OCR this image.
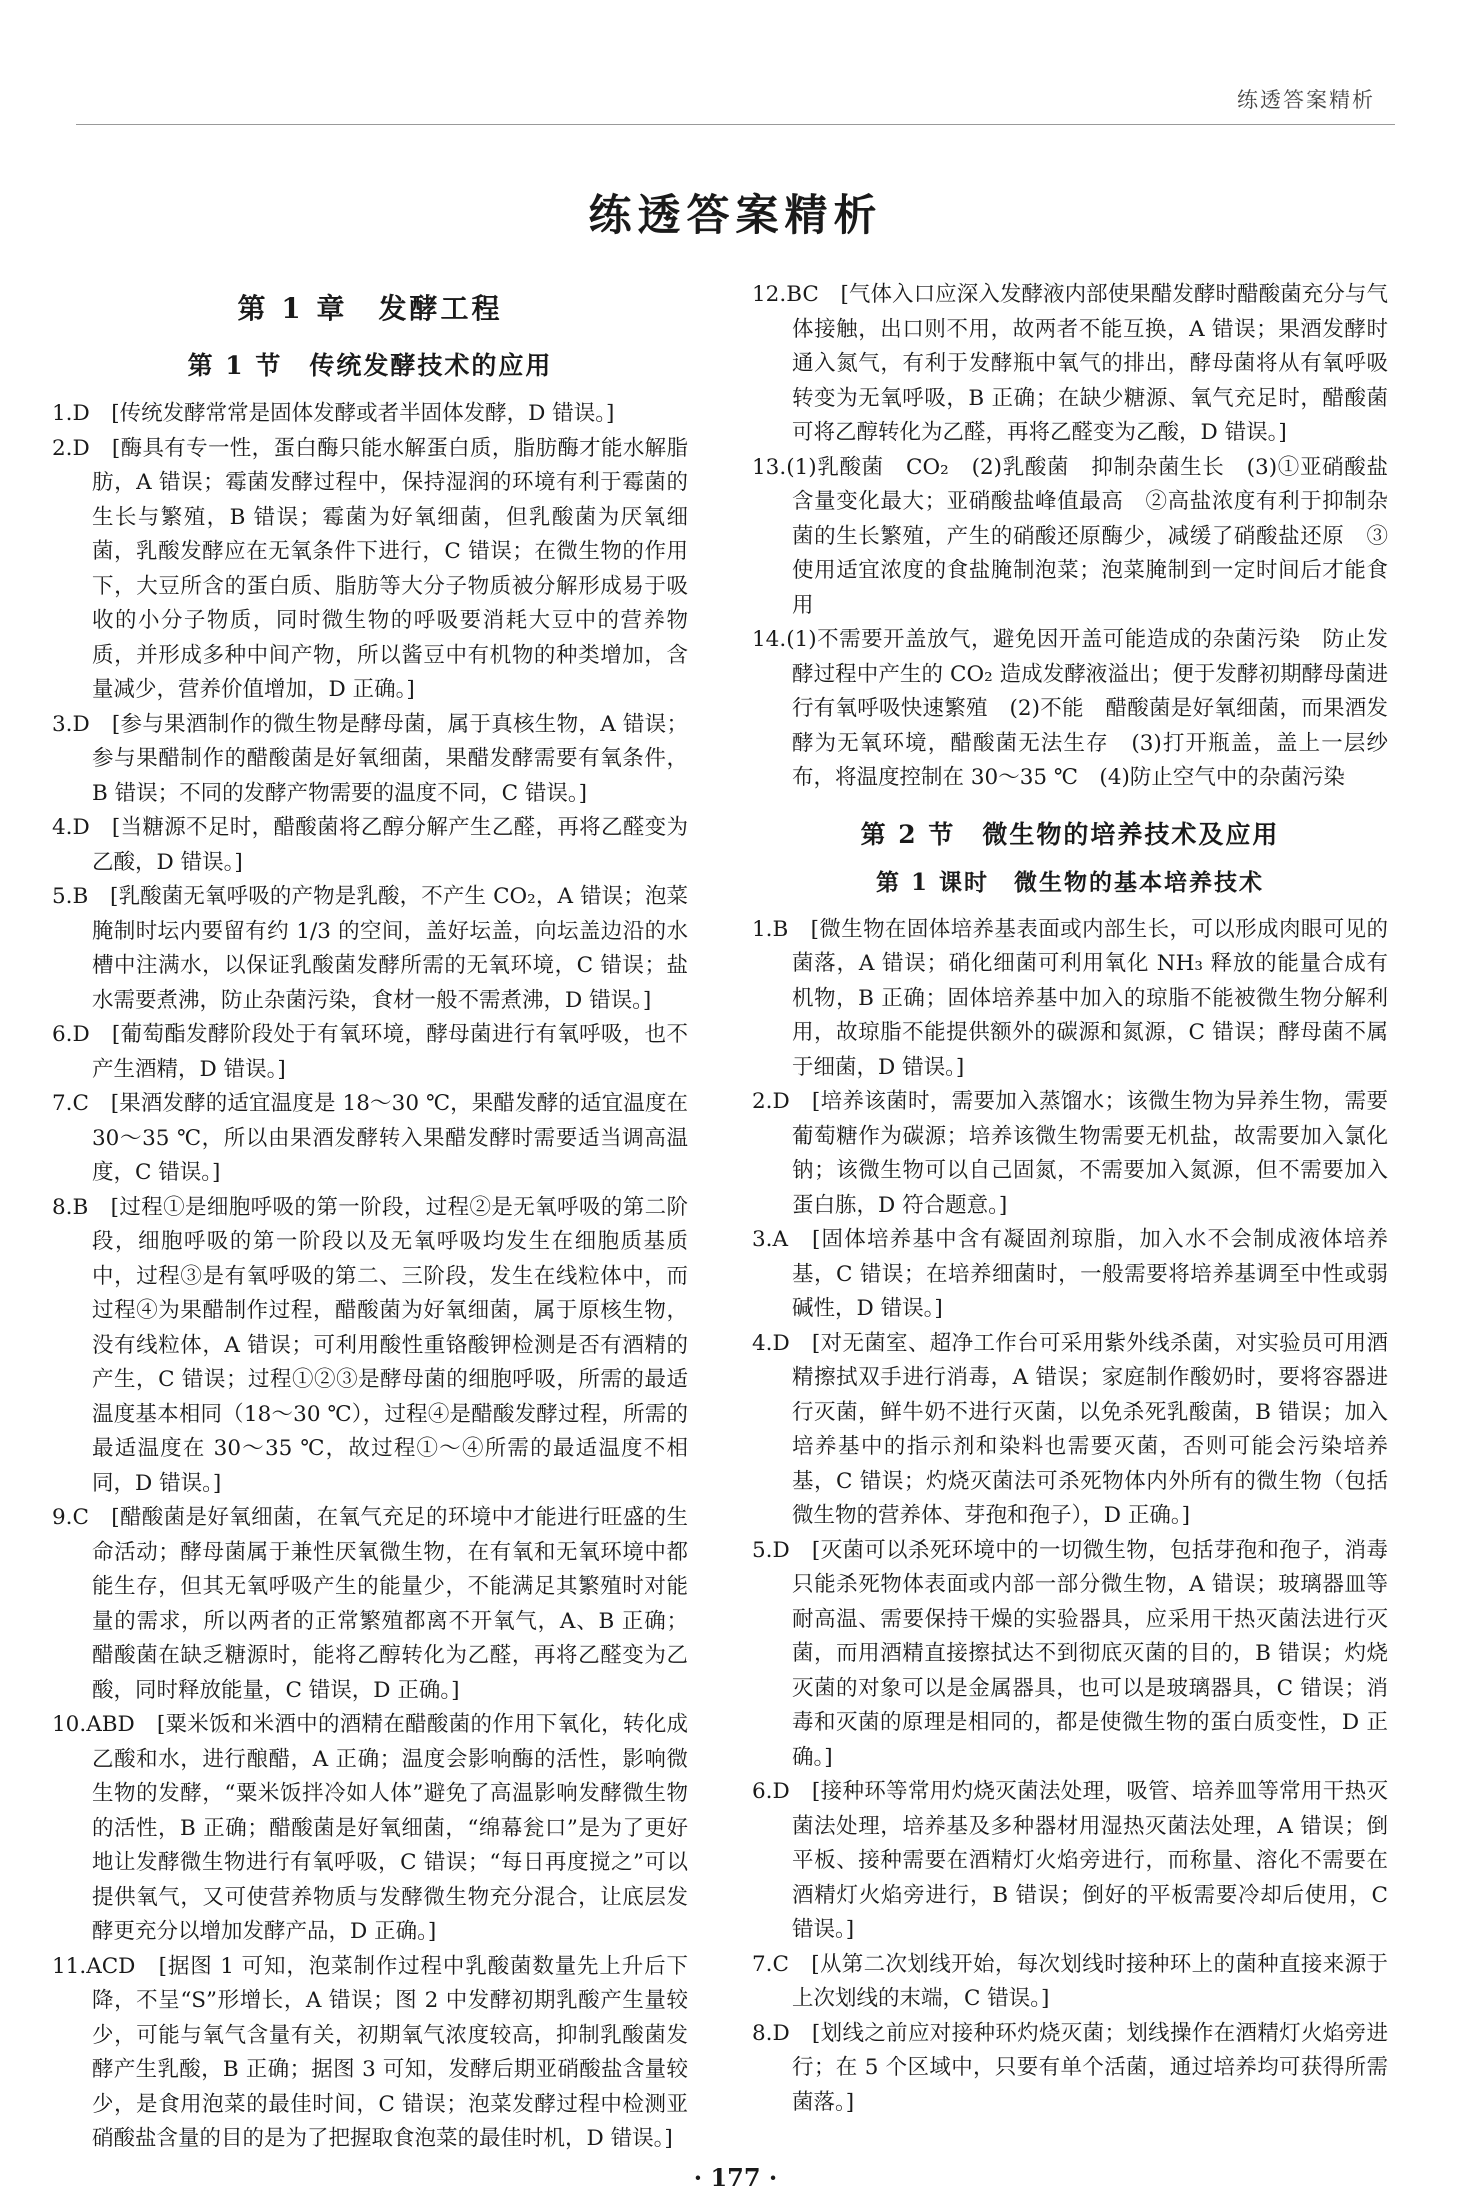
练透答案精析
练透答案精析
第 1 章　发酵工程
第 1 节　传统发酵技术的应用

1.D　[传统发酵常常是固体发酵或者半固体发酵，D 错误。]

2.D　[酶具有专一性，蛋白酶只能水解蛋白质，脂肪酶才能水解脂肪，A 错误；霉菌发酵过程中，保持湿润的环境有利于霉菌的生长与繁殖，B 错误；霉菌为好氧细菌，但乳酸菌为厌氧细菌，乳酸发酵应在无氧条件下进行，C 错误；在微生物的作用下，大豆所含的蛋白质、脂肪等大分子物质被分解形成易于吸收的小分子物质，同时微生物的呼吸要消耗大豆中的营养物质，并形成多种中间产物，所以酱豆中有机物的种类增加，含量减少，营养价值增加，D 正确。]

3.D　[参与果酒制作的微生物是酵母菌，属于真核生物，A 错误；参与果醋制作的醋酸菌是好氧细菌，果醋发酵需要有氧条件，B 错误；不同的发酵产物需要的温度不同，C 错误。]

4.D　[当糖源不足时，醋酸菌将乙醇分解产生乙醛，再将乙醛变为乙酸，D 错误。]

5.B　[乳酸菌无氧呼吸的产物是乳酸，不产生 CO₂，A 错误；泡菜腌制时坛内要留有约 1/3 的空间，盖好坛盖，向坛盖边沿的水槽中注满水，以保证乳酸菌发酵所需的无氧环境，C 错误；盐水需要煮沸，防止杂菌污染，食材一般不需煮沸，D 错误。]

6.D　[葡萄酯发酵阶段处于有氧环境，酵母菌进行有氧呼吸，也不产生酒精，D 错误。]

7.C　[果酒发酵的适宜温度是 18～30 ℃，果醋发酵的适宜温度在 30～35 ℃，所以由果酒发酵转入果醋发酵时需要适当调高温度，C 错误。]

8.B　[过程①是细胞呼吸的第一阶段，过程②是无氧呼吸的第二阶段，细胞呼吸的第一阶段以及无氧呼吸均发生在细胞质基质中，过程③是有氧呼吸的第二、三阶段，发生在线粒体中，而过程④为果醋制作过程，醋酸菌为好氧细菌，属于原核生物，没有线粒体，A 错误；可利用酸性重铬酸钾检测是否有酒精的产生，C 错误；过程①②③是酵母菌的细胞呼吸，所需的最适温度基本相同（18～30 ℃），过程④是醋酸发酵过程，所需的最适温度在 30～35 ℃，故过程①～④所需的最适温度不相同，D 错误。]

9.C　[醋酸菌是好氧细菌，在氧气充足的环境中才能进行旺盛的生命活动；酵母菌属于兼性厌氧微生物，在有氧和无氧环境中都能生存，但其无氧呼吸产生的能量少，不能满足其繁殖时对能量的需求，所以两者的正常繁殖都离不开氧气，A、B 正确；醋酸菌在缺乏糖源时，能将乙醇转化为乙醛，再将乙醛变为乙酸，同时释放能量，C 错误，D 正确。]

10.ABD　[粟米饭和米酒中的酒精在醋酸菌的作用下氧化，转化成乙酸和水，进行酿醋，A 正确；温度会影响酶的活性，影响微生物的发酵，“粟米饭拌冷如人体”避免了高温影响发酵微生物的活性，B 正确；醋酸菌是好氧细菌，“绵幕瓮口”是为了更好地让发酵微生物进行有氧呼吸，C 错误；“每日再度搅之”可以提供氧气，又可使营养物质与发酵微生物充分混合，让底层发酵更充分以增加发酵产品，D 正确。]

11.ACD　[据图 1 可知，泡菜制作过程中乳酸菌数量先上升后下降，不呈“S”形增长，A 错误；图 2 中发酵初期乳酸产生量较少，可能与氧气含量有关，初期氧气浓度较高，抑制乳酸菌发酵产生乳酸，B 正确；据图 3 可知，发酵后期亚硝酸盐含量较少，是食用泡菜的最佳时间，C 错误；泡菜发酵过程中检测亚硝酸盐含量的目的是为了把握取食泡菜的最佳时机，D 错误。]

12.BC　[气体入口应深入发酵液内部使果醋发酵时醋酸菌充分与气体接触，出口则不用，故两者不能互换，A 错误；果酒发酵时通入氮气，有利于发酵瓶中氧气的排出，酵母菌将从有氧呼吸转变为无氧呼吸，B 正确；在缺少糖源、氧气充足时，醋酸菌可将乙醇转化为乙醛，再将乙醛变为乙酸，D 错误。]

13.(1)乳酸菌　CO₂　(2)乳酸菌　抑制杂菌生长　(3)①亚硝酸盐含量变化最大；亚硝酸盐峰值最高　②高盐浓度有利于抑制杂菌的生长繁殖，产生的硝酸还原酶少，减缓了硝酸盐还原　③使用适宜浓度的食盐腌制泡菜；泡菜腌制到一定时间后才能食用

14.(1)不需要开盖放气，避免因开盖可能造成的杂菌污染　防止发酵过程中产生的 CO₂ 造成发酵液溢出；便于发酵初期酵母菌进行有氧呼吸快速繁殖　(2)不能　醋酸菌是好氧细菌，而果酒发酵为无氧环境，醋酸菌无法生存　(3)打开瓶盖，盖上一层纱布，将温度控制在 30～35 ℃　(4)防止空气中的杂菌污染

第 2 节　微生物的培养技术及应用
第 1 课时　微生物的基本培养技术

1.B　[微生物在固体培养基表面或内部生长，可以形成肉眼可见的菌落，A 错误；硝化细菌可利用氧化 NH₃ 释放的能量合成有机物，B 正确；固体培养基中加入的琼脂不能被微生物分解利用，故琼脂不能提供额外的碳源和氮源，C 错误；酵母菌不属于细菌，D 错误。]

2.D　[培养该菌时，需要加入蒸馏水；该微生物为异养生物，需要葡萄糖作为碳源；培养该微生物需要无机盐，故需要加入氯化钠；该微生物可以自己固氮，不需要加入氮源，但不需要加入蛋白胨，D 符合题意。]

3.A　[固体培养基中含有凝固剂琼脂，加入水不会制成液体培养基，C 错误；在培养细菌时，一般需要将培养基调至中性或弱碱性，D 错误。]

4.D　[对无菌室、超净工作台可采用紫外线杀菌，对实验员可用酒精擦拭双手进行消毒，A 错误；家庭制作酸奶时，要将容器进行灭菌，鲜牛奶不进行灭菌，以免杀死乳酸菌，B 错误；加入培养基中的指示剂和染料也需要灭菌，否则可能会污染培养基，C 错误；灼烧灭菌法可杀死物体内外所有的微生物（包括微生物的营养体、芽孢和孢子），D 正确。]

5.D　[灭菌可以杀死环境中的一切微生物，包括芽孢和孢子，消毒只能杀死物体表面或内部一部分微生物，A 错误；玻璃器皿等耐高温、需要保持干燥的实验器具，应采用干热灭菌法进行灭菌，而用酒精直接擦拭达不到彻底灭菌的目的，B 错误；灼烧灭菌的对象可以是金属器具，也可以是玻璃器具，C 错误；消毒和灭菌的原理是相同的，都是使微生物的蛋白质变性，D 正确。]

6.D　[接种环等常用灼烧灭菌法处理，吸管、培养皿等常用干热灭菌法处理，培养基及多种器材用湿热灭菌法处理，A 错误；倒平板、接种需要在酒精灯火焰旁进行，而称量、溶化不需要在酒精灯火焰旁进行，B 错误；倒好的平板需要冷却后使用，C 错误。]

7.C　[从第二次划线开始，每次划线时接种环上的菌种直接来源于上次划线的末端，C 错误。]

8.D　[划线之前应对接种环灼烧灭菌；划线操作在酒精灯火焰旁进行；在 5 个区域中，只要有单个活菌，通过培养均可获得所需菌落。]

· 177 ·
